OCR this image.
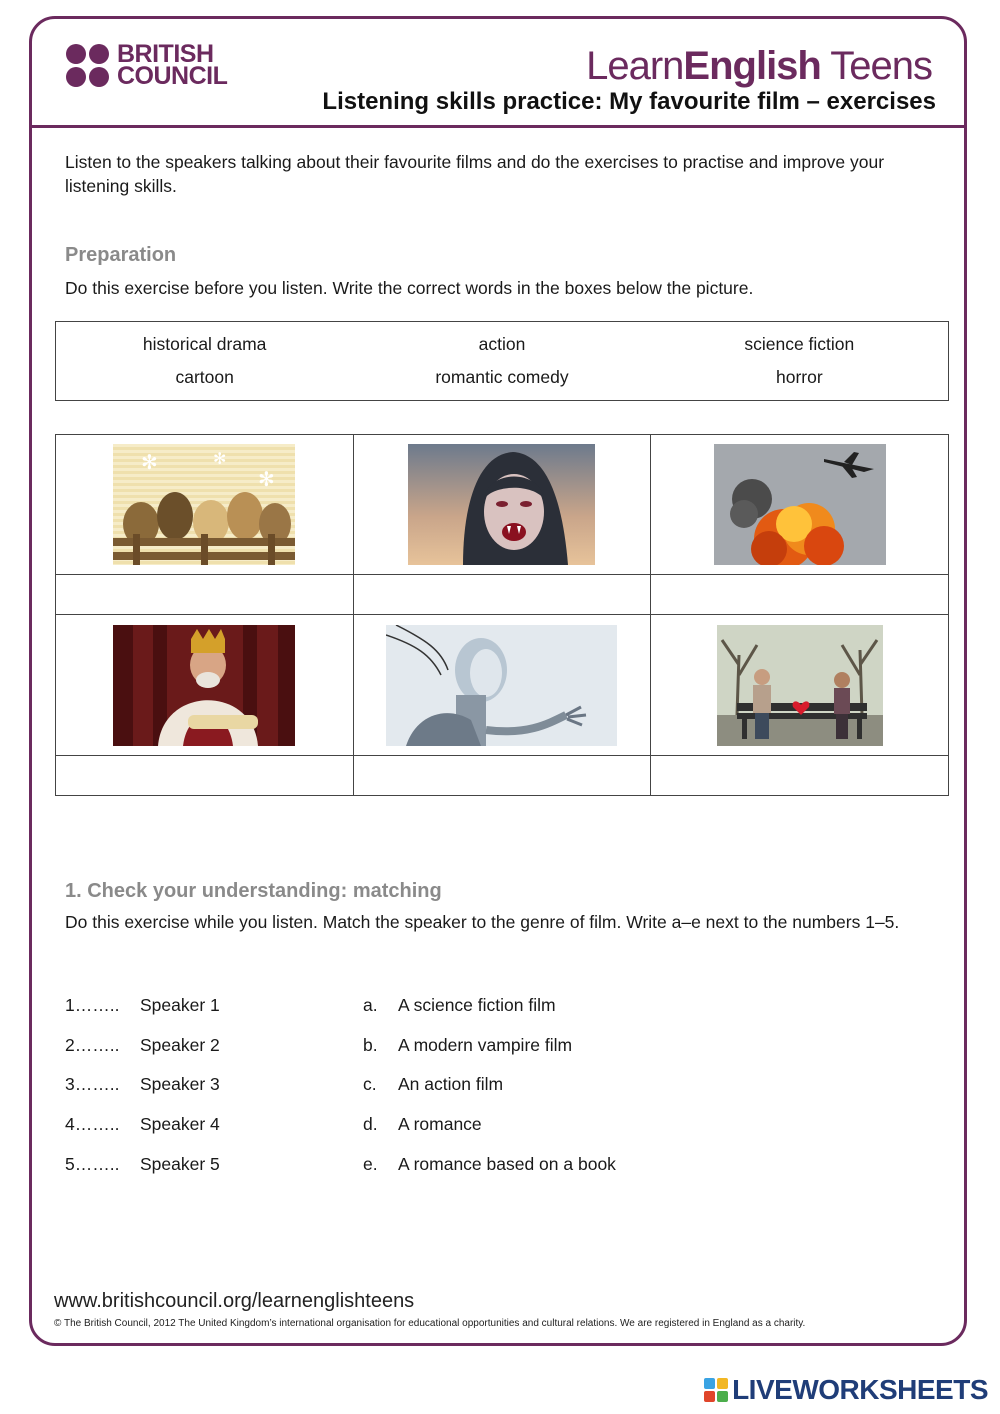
BRITISH
COUNCIL	LearnEnglish Teens
Listening skills practice: My favourite film – exercises
Listen to the speakers talking about their favourite films and do the exercises to practise and improve your listening skills.
Preparation
Do this exercise before you listen. Write the correct words in the boxes below the picture.
historical drama	action	science fiction
cartoon	romantic comedy	horror
✻ ✻
✻

1. Check your understanding: matching
Do this exercise while you listen. Match the speaker to the genre of film. Write a–e next to the numbers 1–5.
1……..	Speaker 1	a.	A science fiction film
2……..	Speaker 2	b.	A modern vampire film
3……..	Speaker 3	c.	An action film
4……..	Speaker 4	d.	A romance
5……..	Speaker 5	e.	A romance based on a book
www.britishcouncil.org/learnenglishteens
© The British Council, 2012 The United Kingdom’s international organisation for educational opportunities and cultural relations. We are registered in England as a charity.
LIVEWORKSHEETS
